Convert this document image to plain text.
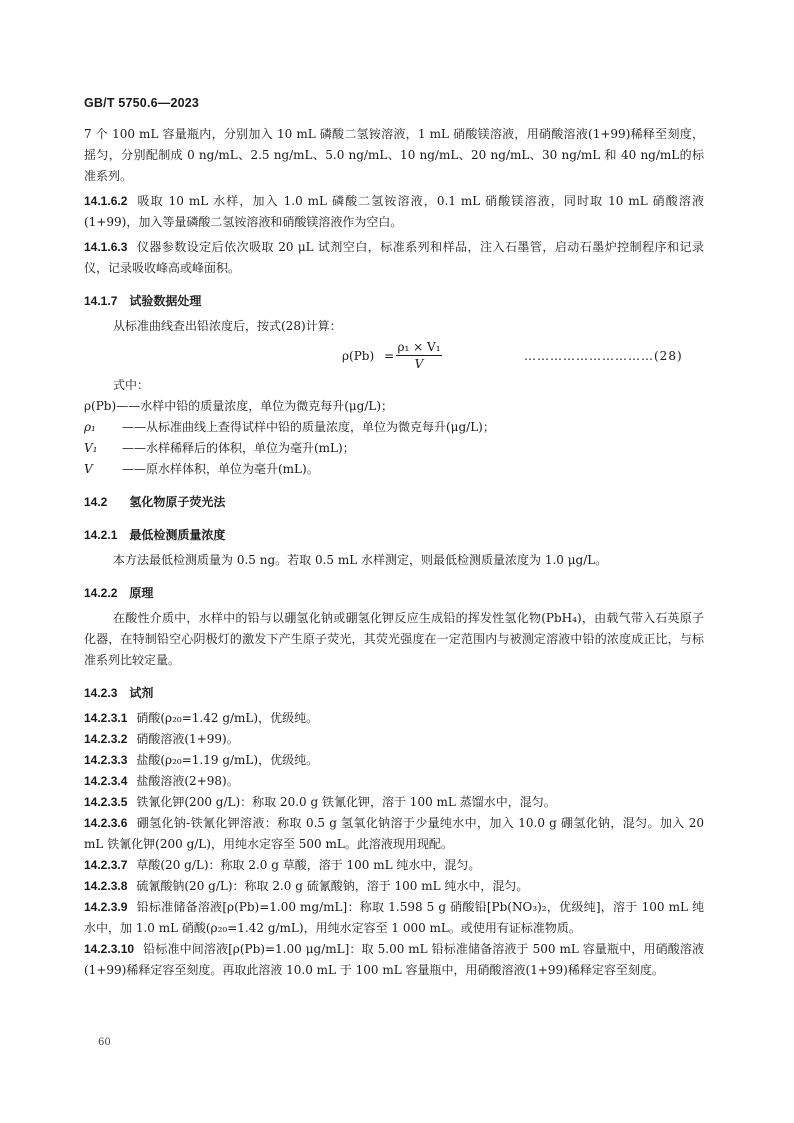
GB/T 5750.6—2023

7 个 100 mL 容量瓶内，分别加入 10 mL 磷酸二氢铵溶液，1 mL 硝酸镁溶液，用硝酸溶液(1+99)稀释至刻度，摇匀，分别配制成 0 ng/mL、2.5 ng/mL、5.0 ng/mL、10 ng/mL、20 ng/mL、30 ng/mL 和 40 ng/mL的标准系列。

14.1.6.2 吸取 10 mL 水样，加入 1.0 mL 磷酸二氢铵溶液，0.1 mL 硝酸镁溶液，同时取 10 mL 硝酸溶液(1+99)，加入等量磷酸二氢铵溶液和硝酸镁溶液作为空白。

14.1.6.3 仪器参数设定后依次吸取 20 μL 试剂空白，标准系列和样品，注入石墨管，启动石墨炉控制程序和记录仪，记录吸收峰高或峰面积。

14.1.7 试验数据处理

从标准曲线查出铅浓度后，按式(28)计算：

$\rho(Pb) = \frac{\text{ρ₁ × V₁}}{V}$	…………………………(28)

式中：

ρ(Pb) ——水样中铅的质量浓度，单位为微克每升(μg/L)；
ρ₁	——从标准曲线上查得试样中铅的质量浓度，单位为微克每升(μg/L)；
V₁	——水样稀释后的体积，单位为毫升(mL)；
V	——原水样体积，单位为毫升(mL)。
14.2 氢化物原子荧光法
14.2.1 最低检测质量浓度

本方法最低检测质量为 0.5 ng。若取 0.5 mL 水样测定，则最低检测质量浓度为 1.0 μg/L。

14.2.2 原理

在酸性介质中，水样中的铅与以硼氢化钠或硼氢化钾反应生成铅的挥发性氢化物(PbH₄)，由载气带入石英原子化器，在特制铅空心阴极灯的激发下产生原子荧光，其荧光强度在一定范围内与被测定溶液中铅的浓度成正比，与标准系列比较定量。

14.2.3 试剂

14.2.3.1 硝酸(ρ₂₀=1.42 g/mL)，优级纯。

14.2.3.2 硝酸溶液(1+99)。

14.2.3.3 盐酸(ρ₂₀=1.19 g/mL)，优级纯。

14.2.3.4 盐酸溶液(2+98)。

14.2.3.5 铁氰化钾(200 g/L)：称取 20.0 g 铁氰化钾，溶于 100 mL 蒸馏水中，混匀。

14.2.3.6 硼氢化钠-铁氰化钾溶液：称取 0.5 g 氢氧化钠溶于少量纯水中，加入 10.0 g 硼氢化钠，混匀。加入 20 mL 铁氰化钾(200 g/L)，用纯水定容至 500 mL。此溶液现用现配。

14.2.3.7 草酸(20 g/L)：称取 2.0 g 草酸，溶于 100 mL 纯水中，混匀。

14.2.3.8 硫氰酸钠(20 g/L)：称取 2.0 g 硫氰酸钠，溶于 100 mL 纯水中，混匀。

14.2.3.9 铅标准储备溶液[ρ(Pb)=1.00 mg/mL]：称取 1.598 5 g 硝酸铅[Pb(NO₃)₂，优级纯]，溶于 100 mL 纯水中，加 1.0 mL 硝酸(ρ₂₀=1.42 g/mL)，用纯水定容至 1 000 mL。或使用有证标准物质。

14.2.3.10 铅标准中间溶液[ρ(Pb)=1.00 μg/mL]：取 5.00 mL 铅标准储备溶液于 500 mL 容量瓶中，用硝酸溶液(1+99)稀释定容至刻度。再取此溶液 10.0 mL 于 100 mL 容量瓶中，用硝酸溶液(1+99)稀释定容至刻度。

60
